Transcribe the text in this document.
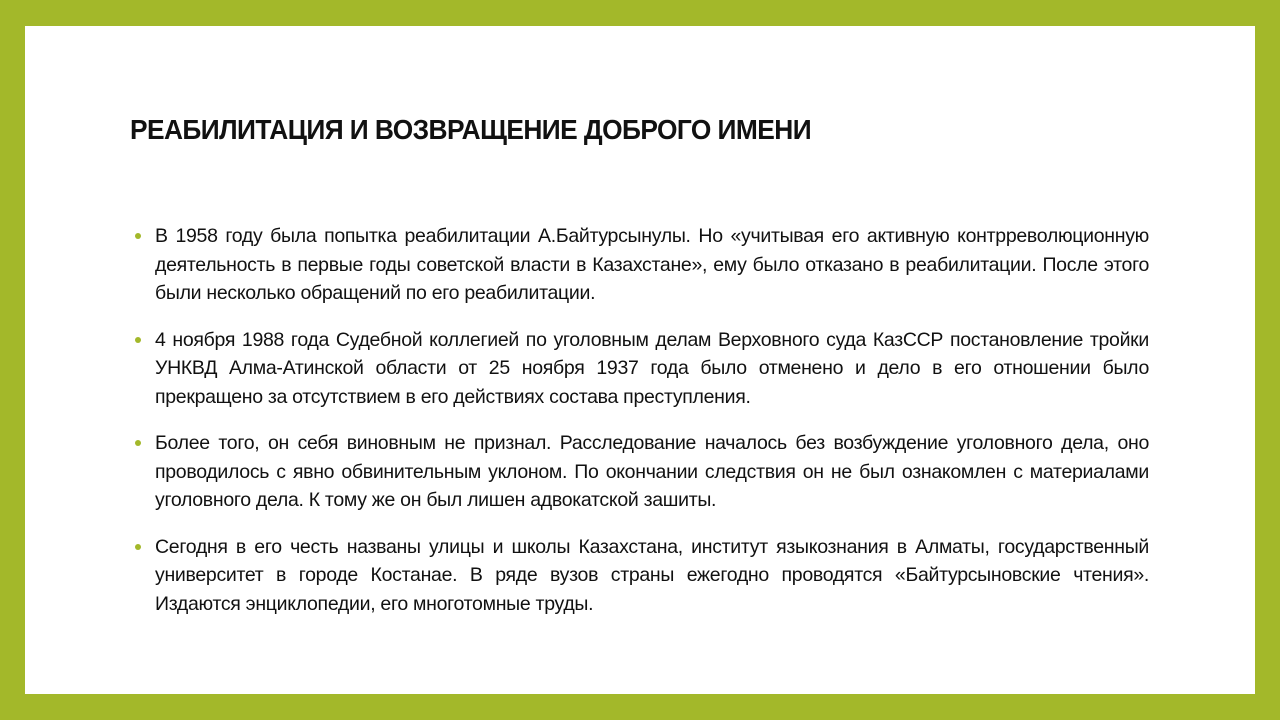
РЕАБИЛИТАЦИЯ И ВОЗВРАЩЕНИЕ ДОБРОГО ИМЕНИ
В 1958 году была попытка реабилитации А.Байтурсынулы. Но «учитывая его активную контрреволюционную деятельность в первые годы советской власти в Казахстане», ему было отказано в реабилитации. После этого были несколько обращений по его реабилитации.
4 ноября 1988 года Судебной коллегией по уголовным делам Верховного суда КазССР постановление тройки УНКВД Алма-Атинской области от 25 ноября 1937 года было отменено и дело в его отношении было прекращено за отсутствием в его действиях состава преступления.
Более того, он себя виновным не признал. Расследование началось без возбуждение уголовного дела, оно проводилось с явно обвинительным уклоном. По окончании следствия он не был ознакомлен с материалами уголовного дела. К тому же он был лишен адвокатской зашиты.
Сегодня в его честь названы улицы и школы Казахстана, институт языкознания в Алматы, государственный университет в городе Костанае. В ряде вузов страны ежегодно проводятся «Байтурсыновские чтения». Издаются энциклопедии, его многотомные труды.
